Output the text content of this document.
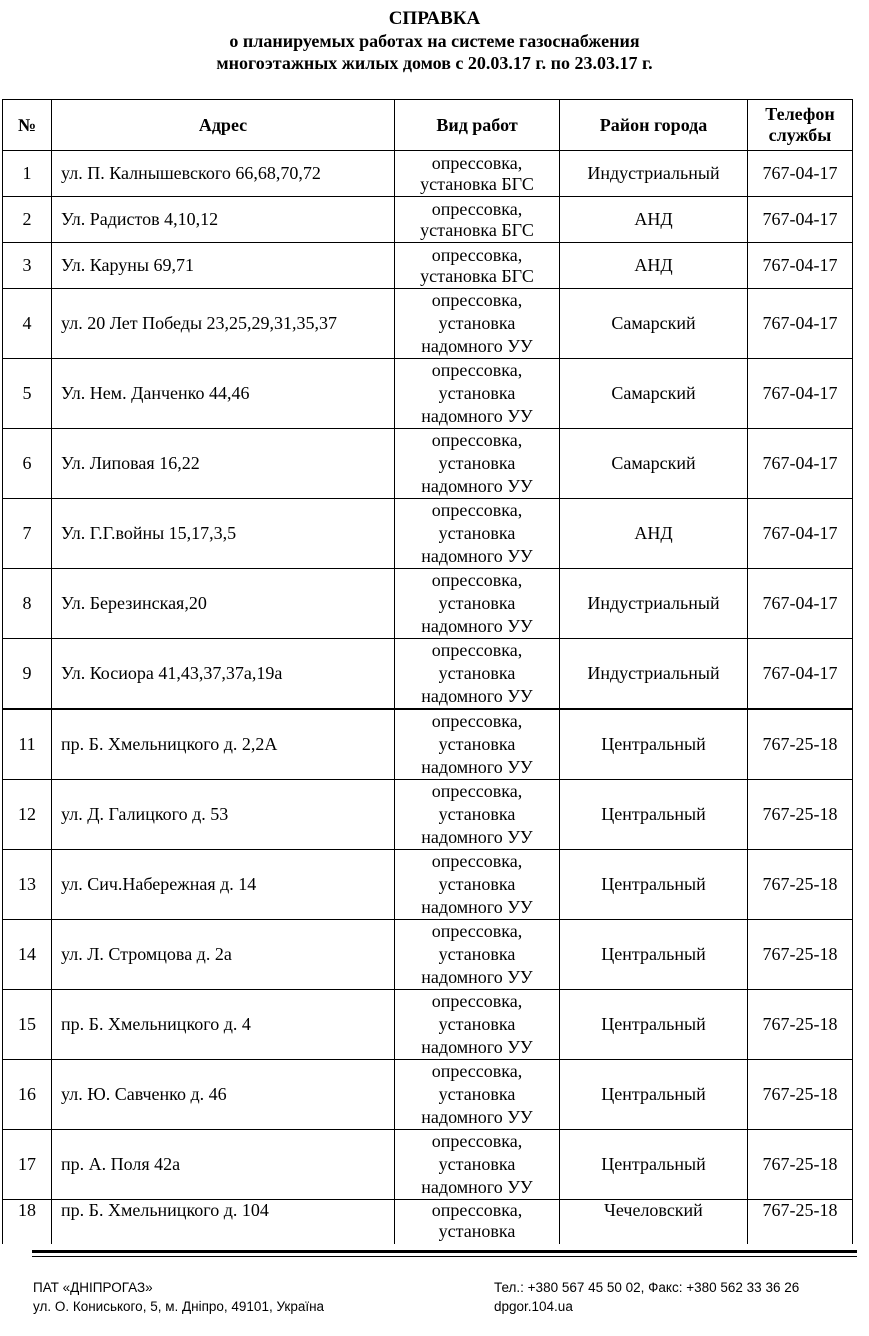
СПРАВКА
о планируемых работах на системе газоснабжения
многоэтажных жилых домов с 20.03.17 г. по 23.03.17 г.
№	Адрес	Вид работ	Район города	Телефон службы
1	ул. П. Калнышевского 66,68,70,72	опрессовка,
установка БГС	Индустриальный	767-04-17
2	Ул. Радистов 4,10,12	опрессовка,
установка БГС	АНД	767-04-17
3	Ул. Каруны 69,71	опрессовка,
установка БГС	АНД	767-04-17
4	ул. 20 Лет Победы 23,25,29,31,35,37	опрессовка,
установка
надомного УУ	Самарский	767-04-17
5	Ул. Нем. Данченко 44,46	опрессовка,
установка
надомного УУ	Самарский	767-04-17
6	Ул. Липовая 16,22	опрессовка,
установка
надомного УУ	Самарский	767-04-17
7	Ул. Г.Г.войны 15,17,3,5	опрессовка,
установка
надомного УУ	АНД	767-04-17
8	Ул. Березинская,20	опрессовка,
установка
надомного УУ	Индустриальный	767-04-17
9	Ул. Косиора 41,43,37,37а,19а	опрессовка,
установка
надомного УУ	Индустриальный	767-04-17
11	пр. Б. Хмельницкого д. 2,2А	опрессовка,
установка
надомного УУ	Центральный	767-25-18
12	ул. Д. Галицкого д. 53	опрессовка,
установка
надомного УУ	Центральный	767-25-18
13	ул. Сич.Набережная д. 14	опрессовка,
установка
надомного УУ	Центральный	767-25-18
14	ул. Л. Стромцова д. 2а	опрессовка,
установка
надомного УУ	Центральный	767-25-18
15	пр. Б. Хмельницкого д. 4	опрессовка,
установка
надомного УУ	Центральный	767-25-18
16	ул. Ю. Савченко д. 46	опрессовка,
установка
надомного УУ	Центральный	767-25-18
17	пр. А. Поля 42а	опрессовка,
установка
надомного УУ	Центральный	767-25-18
18	пр. Б. Хмельницкого д. 104	опрессовка,
установка	Чечеловский	767-25-18
ПАТ «ДНІПРОГАЗ»
ул. О. Кониського, 5, м. Дніпро, 49101, Україна
Тел.: +380 567 45 50 02, Факс: +380 562 33 36 26
dpgor.104.ua
